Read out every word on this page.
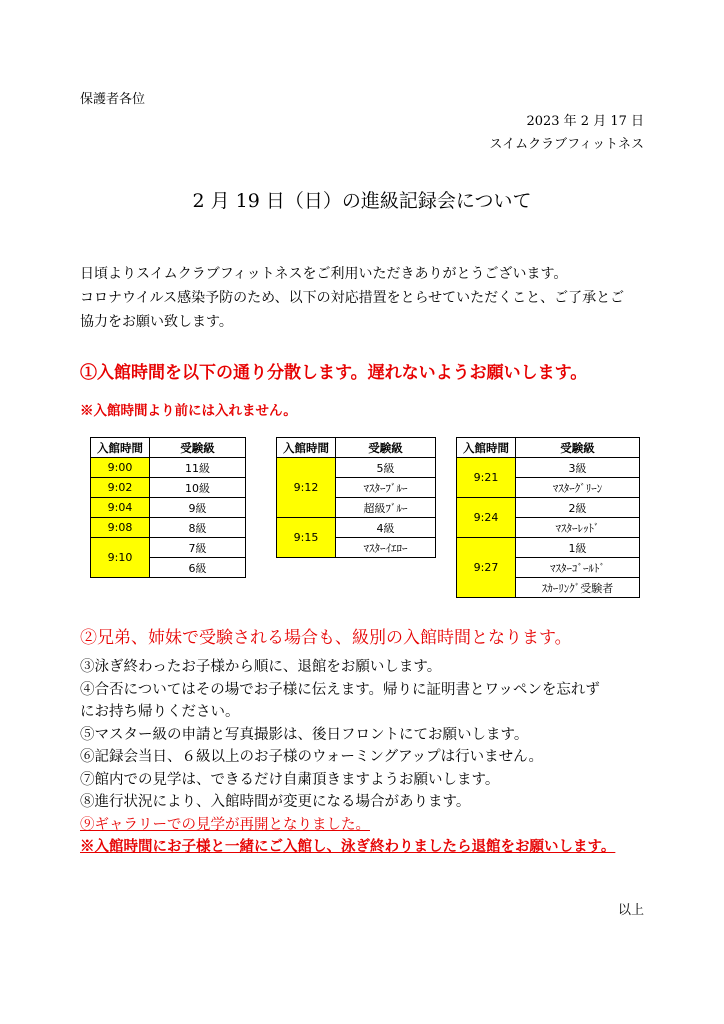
保護者各位
2023 年 2 月 17 日
スイムクラブフィットネス
2 月 19 日（日）の進級記録会について

日頃よりスイムクラブフィットネスをご利用いただきありがとうございます。

コロナウイルス感染予防のため、以下の対応措置をとらせていただくこと、ご了承とご

協力をお願い致します。

①入館時間を以下の通り分散します。遅れないようお願いします。
※入館時間より前には入れません。
入館時間	受験級
9:00	11級
9:02	10級
9:04	9級
9:08	8級
9:10	7級
	6級
入館時間	受験級
9:12	5級
	ﾏｽﾀｰﾌﾞﾙｰ
	超級ﾌﾞﾙｰ
9:15	4級
	ﾏｽﾀｰｲｴﾛｰ
入館時間	受験級
9:21	3級
	ﾏｽﾀｰｸﾞﾘｰﾝ
9:24	2級
	ﾏｽﾀｰﾚｯﾄﾞ
9:27	1級
	ﾏｽﾀｰｺﾞｰﾙﾄﾞ
	ｽｶｰﾘﾝｸﾞ受験者
②兄弟、姉妹で受験される場合も、級別の入館時間となります。
③泳ぎ終わったお子様から順に、退館をお願いします。
④合否についてはその場でお子様に伝えます。帰りに証明書とワッペンを忘れず
にお持ち帰りください。
⑤マスター級の申請と写真撮影は、後日フロントにてお願いします。
⑥記録会当日、６級以上のお子様のウォーミングアップは行いません。
⑦館内での見学は、できるだけ自粛頂きますようお願いします。
⑧進行状況により、入館時間が変更になる場合があります。
⑨ギャラリーでの見学が再開となりました。
※入館時間にお子様と一緒にご入館し、泳ぎ終わりましたら退館をお願いします。
以上
